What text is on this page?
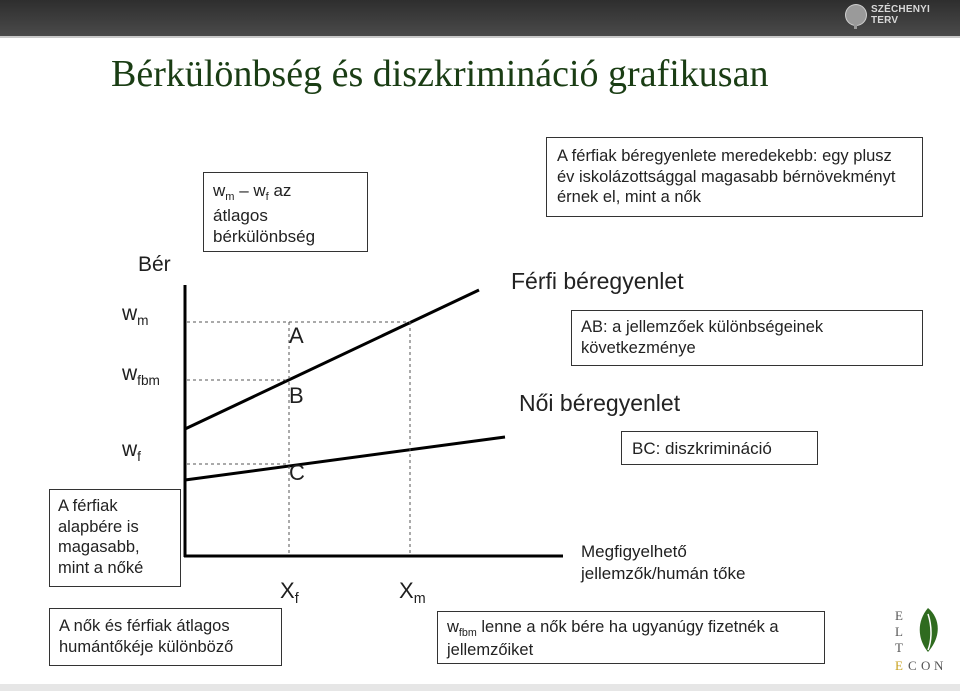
SZÉCHENYI TERV
Bérkülönbség és diszkrimináció grafikusan
Bér
$w_m$
$w_{fbm}$
$w_f$
$X_f$	$X_m$
A
B
C
Férfi béregyenlet
Női béregyenlet
$w_m - w_f$ az
átlagos
bérkülönbség
A férfiak béregyenlete meredekebb: egy plusz év iskolázottsággal magasabb bérnövekményt érnek el, mint a nők
AB: a jellemzőek különbségeinek következménye
BC: diszkrimináció
A férfiak alapbére is magasabb, mint a nőké
A nők és férfiak átlagos humántőkéje különböző
Megfigyelhető jellemzők/humán tőke
$w_{fbm}$ lenne a nők bére ha ugyanúgy fizetnék a jellemzőiket
E
L
T
E C O N
